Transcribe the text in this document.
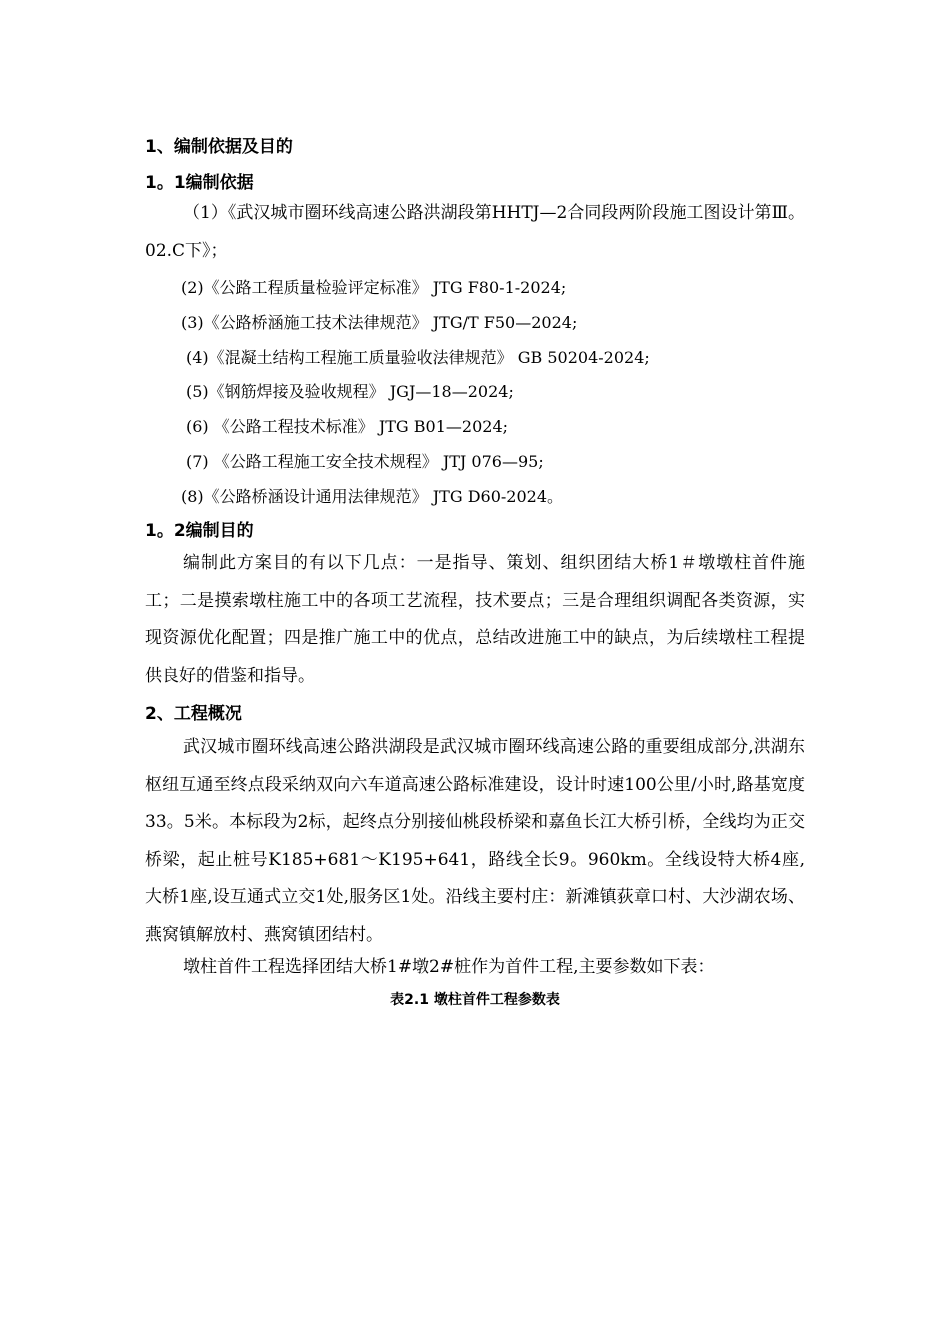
1、编制依据及目的
1。1编制依据
（1）《武汉城市圈环线高速公路洪湖段第HHTJ—2合同段两阶段施工图设计第Ⅲ。02.C下》；
(2)《公路工程质量检验评定标准》 JTG F80-1-2024;
(3)《公路桥涵施工技术法律规范》 JTG/T F50—2024;
(4)《混凝土结构工程施工质量验收法律规范》 GB 50204-2024;
(5)《钢筋焊接及验收规程》 JGJ—18—2024;
(6) 《公路工程技术标准》 JTG B01—2024;
(7) 《公路工程施工安全技术规程》 JTJ 076—95;
(8)《公路桥涵设计通用法律规范》 JTG D60-2024。
1。2编制目的
编制此方案目的有以下几点：一是指导、策划、组织团结大桥1＃墩墩柱首件施工；二是摸索墩柱施工中的各项工艺流程，技术要点；三是合理组织调配各类资源，实现资源优化配置；四是推广施工中的优点，总结改进施工中的缺点，为后续墩柱工程提供良好的借鉴和指导。
2、工程概况
武汉城市圈环线高速公路洪湖段是武汉城市圈环线高速公路的重要组成部分,洪湖东枢纽互通至终点段采纳双向六车道高速公路标准建设，设计时速100公里/小时,路基宽度33。5米。本标段为2标，起终点分别接仙桃段桥梁和嘉鱼长江大桥引桥，全线均为正交桥梁，起止桩号K185+681～K195+641，路线全长9。960km。全线设特大桥4座,大桥1座,设互通式立交1处,服务区1处。沿线主要村庄：新滩镇荻章口村、大沙湖农场、燕窝镇解放村、燕窝镇团结村。
墩柱首件工程选择团结大桥1#墩2#桩作为首件工程,主要参数如下表：
表2.1 墩柱首件工程参数表
